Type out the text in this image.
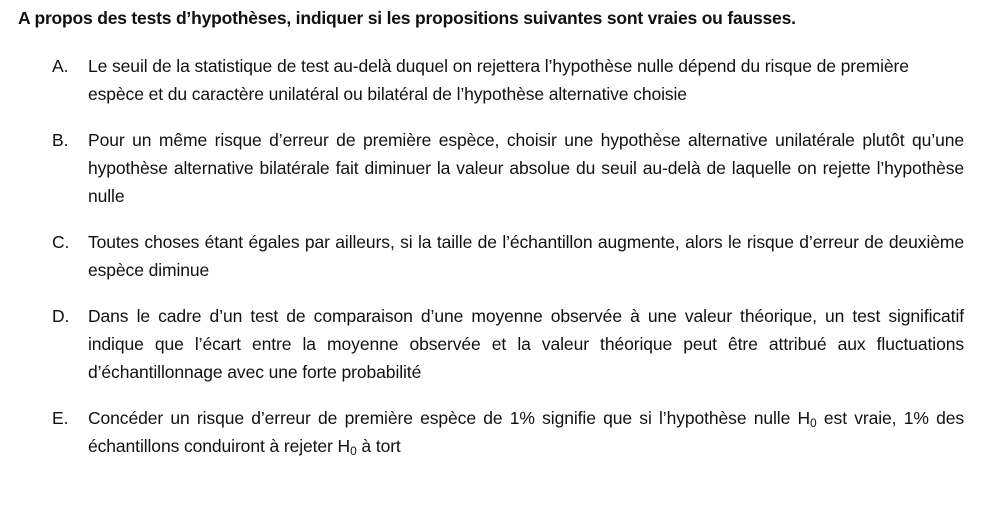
A propos des tests d’hypothèses, indiquer si les propositions suivantes sont vraies ou fausses.

A. Le seuil de la statistique de test au-delà duquel on rejettera l’hypothèse nulle dépend du risque de première espèce et du caractère unilatéral ou bilatéral de l’hypothèse alternative choisie
B. Pour un même risque d’erreur de première espèce, choisir une hypothèse alternative unilatérale plutôt qu’une hypothèse alternative bilatérale fait diminuer la valeur absolue du seuil au-delà de laquelle on rejette l’hypothèse nulle
C. Toutes choses étant égales par ailleurs, si la taille de l’échantillon augmente, alors le risque d’erreur de deuxième espèce diminue
D. Dans le cadre d’un test de comparaison d’une moyenne observée à une valeur théorique, un test significatif indique que l’écart entre la moyenne observée et la valeur théorique peut être attribué aux fluctuations d’échantillonnage avec une forte probabilité
E. Concéder un risque d’erreur de première espèce de 1% signifie que si l’hypothèse nulle $H_0$ est vraie, 1% des échantillons conduiront à rejeter $H_0$ à tort
